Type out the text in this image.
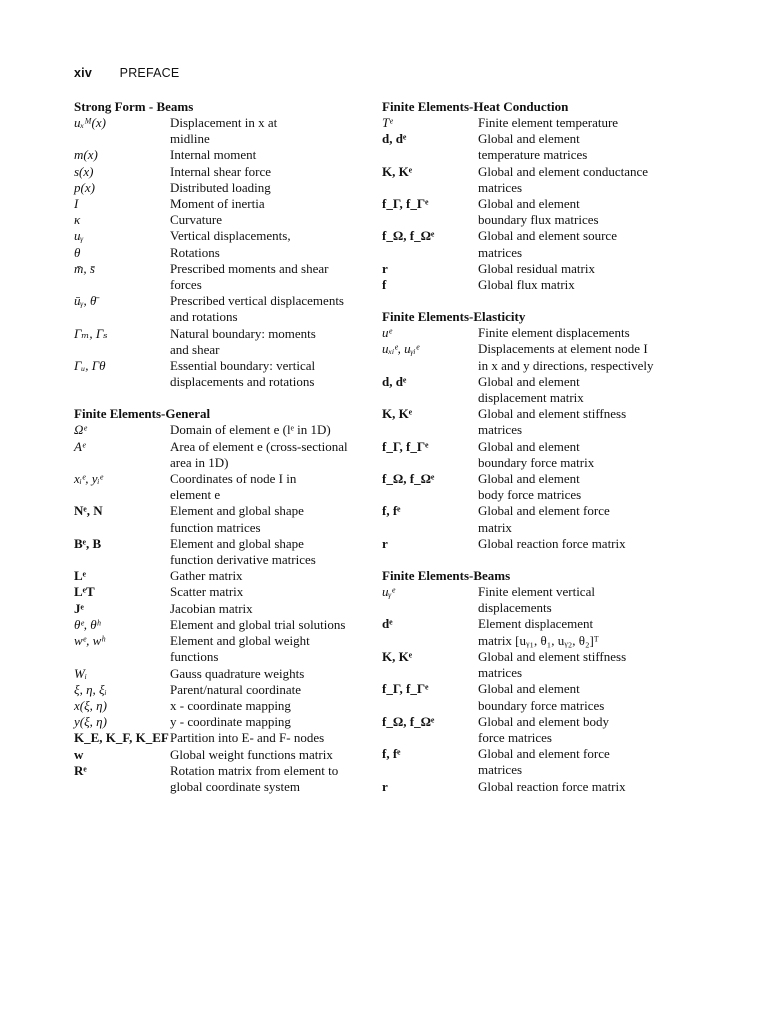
xiv PREFACE
Strong Form - Beams
uₓᴹ(x)	Displacement in x at
midline
m(x)	Internal moment
s(x)	Internal shear force
p(x)	Distributed loading
I	Moment of inertia
κ	Curvature
uᵧ	Vertical displacements,
θ	Rotations
m̄, s̄	Prescribed moments and shear
forces
ūᵧ, θ̄	Prescribed vertical displacements
and rotations
Γₘ, Γₛ	Natural boundary: moments
and shear
Γᵤ, Γθ	Essential boundary: vertical
displacements and rotations
Finite Elements-General
Ωᵉ	Domain of element e (lᵉ in 1D)
Aᵉ	Area of element e (cross-sectional
area in 1D)
xᵢᵉ, yᵢᵉ	Coordinates of node I in
element e
Nᵉ, N	Element and global shape
function matrices
Bᵉ, B	Element and global shape
function derivative matrices
Lᵉ	Gather matrix
LᵉT	Scatter matrix
Jᵉ	Jacobian matrix
θᵉ, θʰ	Element and global trial solutions
wᵉ, wʰ	Element and global weight
functions
Wᵢ	Gauss quadrature weights
ξ, η, ξᵢ	Parent/natural coordinate
x(ξ, η)	x - coordinate mapping
y(ξ, η)	y - coordinate mapping
K_E, K_F, K_EF Partition into E- and F- nodes
w	Global weight functions matrix
Rᵉ	Rotation matrix from element to
global coordinate system
Finite Elements-Heat Conduction
Tᵉ	Finite element temperature
d, dᵉ	Global and element
temperature matrices
K, Kᵉ	Global and element conductance
matrices
f_Γ, f_Γᵉ	Global and element
boundary flux matrices
f_Ω, f_Ωᵉ	Global and element source
matrices
r	Global residual matrix
f	Global flux matrix
Finite Elements-Elasticity
uᵉ	Finite element displacements
uₓᵢᵉ, uᵧᵢᵉ	Displacements at element node I
in x and y directions, respectively
d, dᵉ	Global and element
displacement matrix
K, Kᵉ	Global and element stiffness
matrices
f_Γ, f_Γᵉ	Global and element
boundary force matrix
f_Ω, f_Ωᵉ	Global and element
body force matrices
f, fᵉ	Global and element force
matrix
r	Global reaction force matrix
Finite Elements-Beams
uᵧᵉ	Finite element vertical
displacements
dᵉ	Element displacement
matrix [uᵧ₁, θ₁, uᵧ₂, θ₂]ᵀ
K, Kᵉ	Global and element stiffness
matrices
f_Γ, f_Γᵉ	Global and element
boundary force matrices
f_Ω, f_Ωᵉ	Global and element body
force matrices
f, fᵉ	Global and element force
matrices
r	Global reaction force matrix
